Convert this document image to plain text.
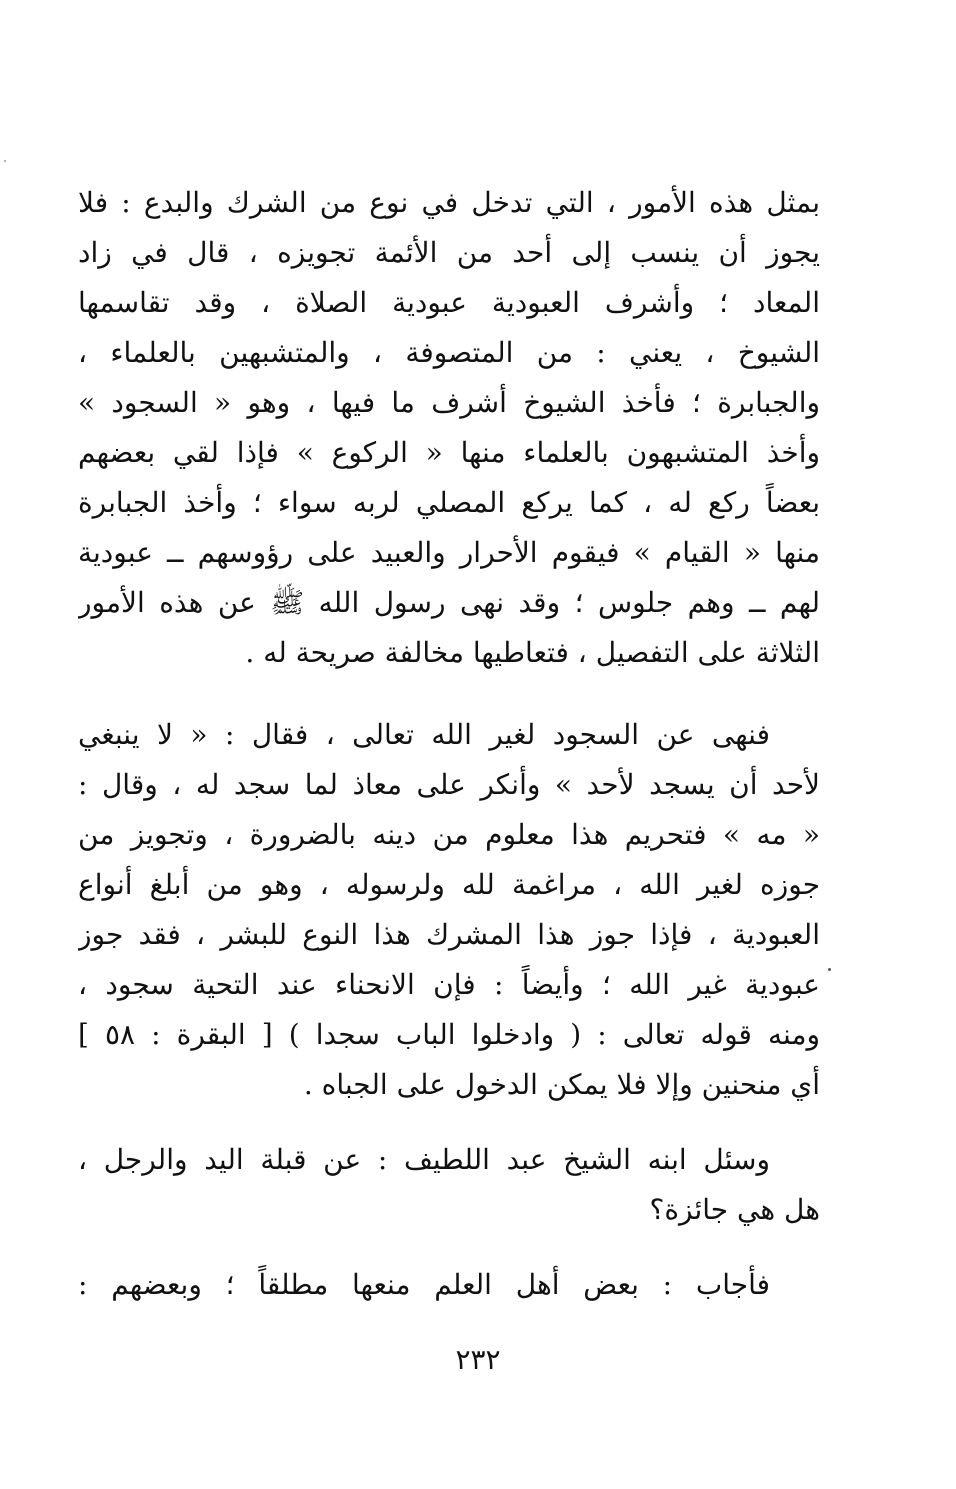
بمثل هذه الأمور ، التي تدخل في نوع من الشرك والبدع : فلا
يجوز أن ينسب إلى أحد من الأئمة تجويزه ، قال في زاد
المعاد ؛ وأشرف العبودية عبودية الصلاة ، وقد تقاسمها
الشيوخ ، يعني : من المتصوفة ، والمتشبهين بالعلماء ،
والجبابرة ؛ فأخذ الشيوخ أشرف ما فيها ، وهو « السجود »
وأخذ المتشبهون بالعلماء منها « الركوع » فإذا لقي بعضهم
بعضاً ركع له ، كما يركع المصلي لربه سواء ؛ وأخذ الجبابرة
منها « القيام » فيقوم الأحرار والعبيد على رؤوسهم ــ عبودية
لهم ــ وهم جلوس ؛ وقد نهى رسول الله ﷺ عن هذه الأمور
الثلاثة على التفصيل ، فتعاطيها مخالفة صريحة له .
فنهى عن السجود لغير الله تعالى ، فقال : « لا ينبغي
لأحد أن يسجد لأحد » وأنكر على معاذ لما سجد له ، وقال :
« مه » فتحريم هذا معلوم من دينه بالضرورة ، وتجويز من
جوزه لغير الله ، مراغمة لله ولرسوله ، وهو من أبلغ أنواع
العبودية ، فإذا جوز هذا المشرك هذا النوع للبشر ، فقد جوز
عبودية غير الله ؛ وأيضاً : فإن الانحناء عند التحية سجود ،
ومنه قوله تعالى : ( وادخلوا الباب سجدا ) [ البقرة : ٥٨ ]
أي منحنين وإلا فلا يمكن الدخول على الجباه .
وسئل ابنه الشيخ عبد اللطيف : عن قبلة اليد والرجل ،
هل هي جائزة؟
فأجاب : بعض أهل العلم منعها مطلقاً ؛ وبعضهم :
٢٣٢
